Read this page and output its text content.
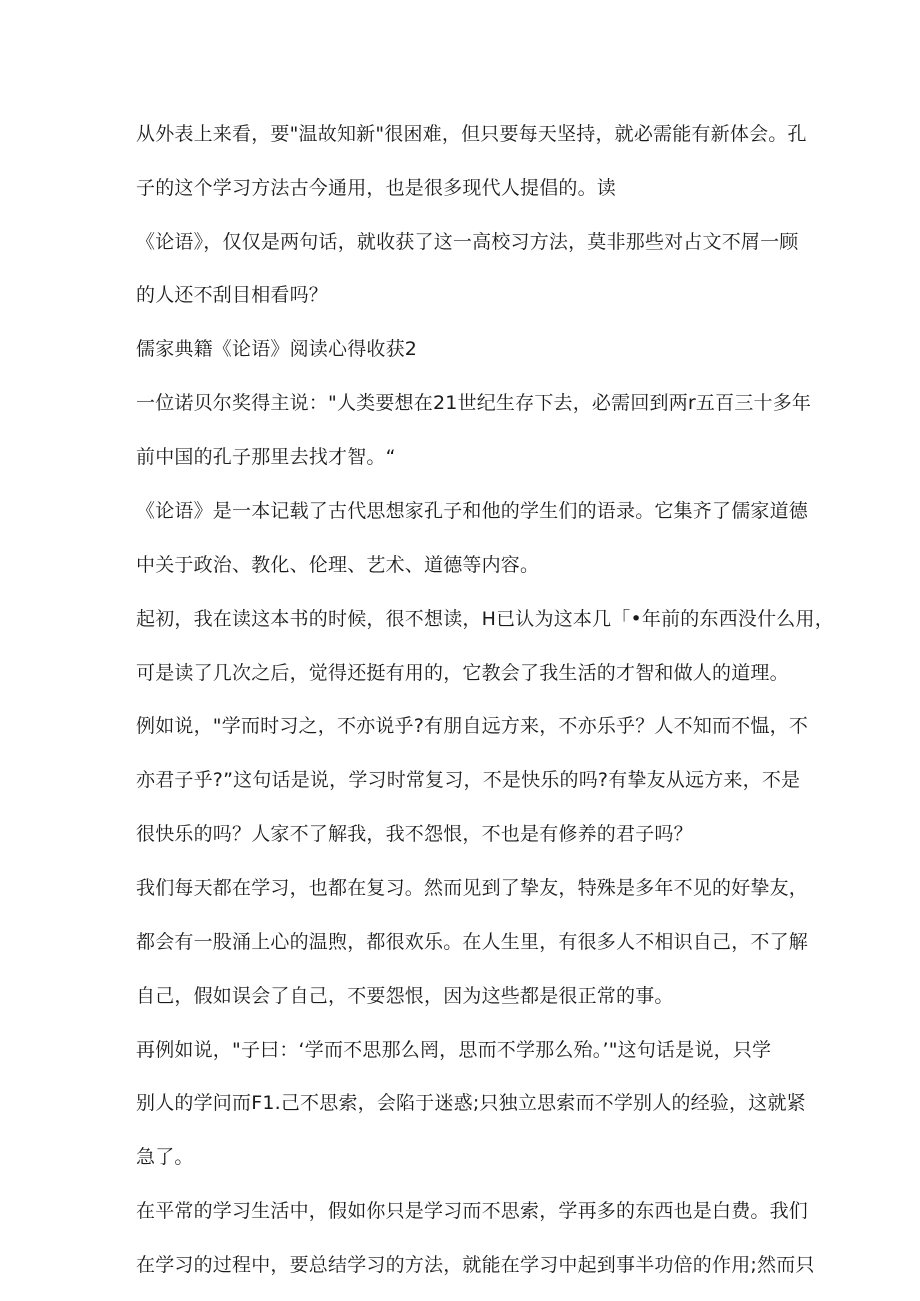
从外表上来看，要"温故知新"很困难，但只要每天坚持，就必需能有新体会。孔
子的这个学习方法古今通用，也是很多现代人提倡的。读
《论语》，仅仅是两句话，就收获了这一高校习方法，莫非那些对占文不屑一顾
的人还不刮目相看吗？
儒家典籍《论语》阅读心得收获2
一位诺贝尔奖得主说："人类要想在21世纪生存下去，必需回到两r五百三十多年
前中国的孔子那里去找才智。“
《论语》是一本记载了古代思想家孔子和他的学生们的语录。它集齐了儒家道德
中关于政治、教化、伦理、艺术、道德等内容。
起初，我在读这本书的时候，很不想读，H已认为这本几「•年前的东西没什么用，
可是读了几次之后，觉得还挺有用的，它教会了我生活的才智和做人的道理。
例如说，"学而时习之，不亦说乎?有朋自远方来，不亦乐乎？人不知而不愠，不
亦君子乎?”这句话是说，学习时常复习，不是快乐的吗?有挚友从远方来，不是
很快乐的吗？人家不了解我，我不怨恨，不也是有修养的君子吗？
我们每天都在学习，也都在复习。然而见到了挚友，特殊是多年不见的好挚友，
都会有一股涌上心的温煦，都很欢乐。在人生里，有很多人不相识自己，不了解
自己，假如误会了自己，不要怨恨，因为这些都是很正常的事。
再例如说，"子曰：‘学而不思那么罔，思而不学那么殆。’"这句话是说，只学
别人的学问而F1.己不思索，会陷于迷惑;只独立思索而不学别人的经验，这就紧
急了。
在平常的学习生活中，假如你只是学习而不思索，学再多的东西也是白费。我们
在学习的过程中，要总结学习的方法，就能在学习中起到事半功倍的作用;然而只
